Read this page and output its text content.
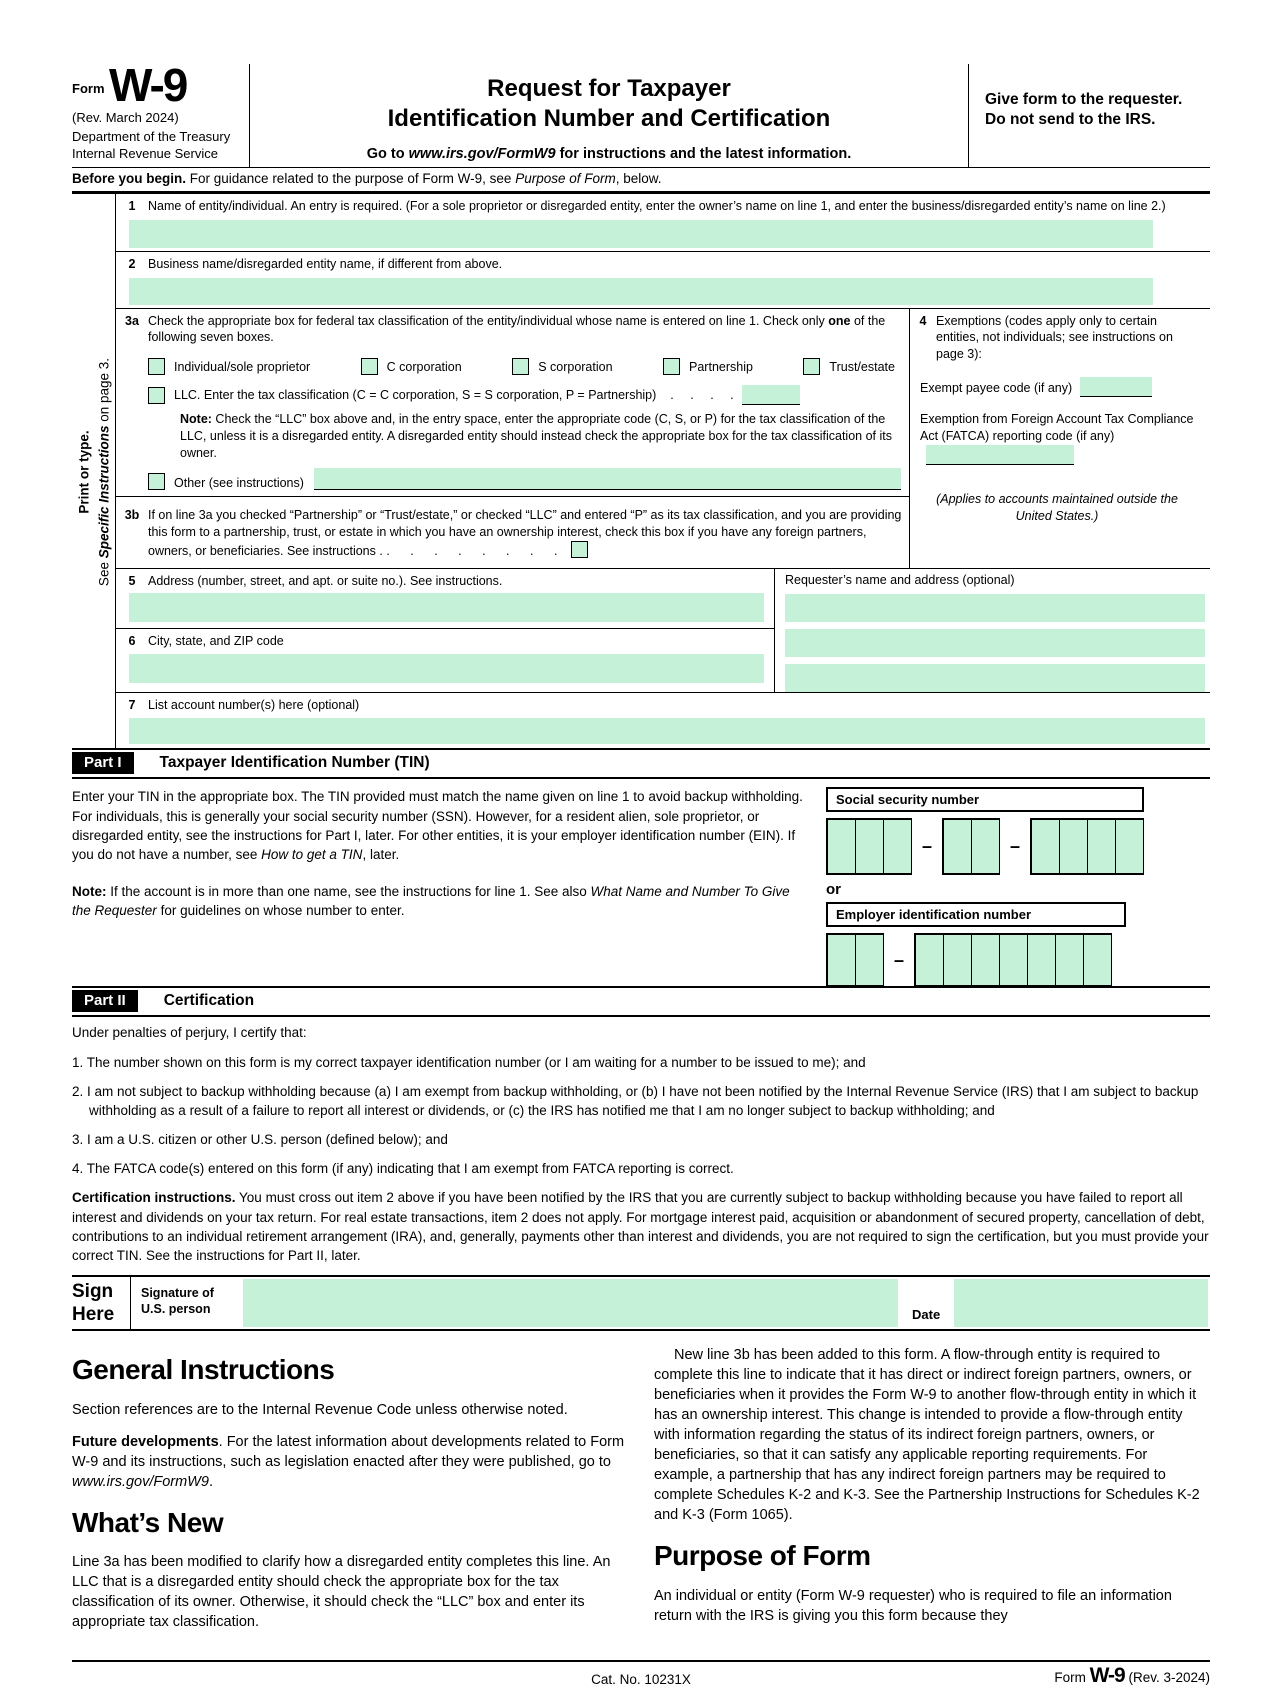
$^{Form}$ W-9
(Rev. March 2024)
Department of the Treasury
Internal Revenue Service
Request for Taxpayer
Identification Number and Certification
Go to www.irs.gov/FormW9 for instructions and the latest information.
Give form to the requester. Do not send to the IRS.
Before you begin. For guidance related to the purpose of Form W-9, see Purpose of Form, below.
Print or type.
See Specific Instructions on page 3.
1	Name of entity/individual. An entry is required. (For a sole proprietor or disregarded entity, enter the owner’s name on line 1, and enter the business/disregarded entity’s name on line 2.)
2	Business name/disregarded entity name, if different from above.
3a Check the appropriate box for federal tax classification of the entity/individual whose name is entered on line 1. Check only one of the following seven boxes.
Individual/sole proprietor	C corporation	S corporation	Partnership	Trust/estate
LLC. Enter the tax classification (C = C corporation, S = S corporation, P = Partnership) . . . .
Note: Check the “LLC” box above and, in the entry space, enter the appropriate code (C, S, or P) for the tax classification of the LLC, unless it is a disregarded entity. A disregarded entity should instead check the appropriate box for the tax classification of its owner.
Other (see instructions)
3b If on line 3a you checked “Partnership” or “Trust/estate,” or checked “LLC” and entered “P” as its tax classification, and you are providing this form to a partnership, trust, or estate in which you have an ownership interest, check this box if you have any foreign partners, owners, or beneficiaries. See instructions . . . . . . . . .
4 Exemptions (codes apply only to certain entities, not individuals; see instructions on page 3):
Exempt payee code (if any)
Exemption from Foreign Account Tax Compliance Act (FATCA) reporting code (if any)
(Applies to accounts maintained outside the United States.)
5	Address (number, street, and apt. or suite no.). See instructions.
6	City, state, and ZIP code
Requester’s name and address (optional)
7	List account number(s) here (optional)
Part I	Taxpayer Identification Number (TIN)

Enter your TIN in the appropriate box. The TIN provided must match the name given on line 1 to avoid backup withholding. For individuals, this is generally your social security number (SSN). However, for a resident alien, sole proprietor, or disregarded entity, see the instructions for Part I, later. For other entities, it is your employer identification number (EIN). If you do not have a number, see How to get a TIN, later.

Note: If the account is in more than one name, see the instructions for line 1. See also What Name and Number To Give the Requester for guidelines on whose number to enter.

Social security number
–	–
or
Employer identification number
–
Part II	Certification

Under penalties of perjury, I certify that:

1. The number shown on this form is my correct taxpayer identification number (or I am waiting for a number to be issued to me); and

2. I am not subject to backup withholding because (a) I am exempt from backup withholding, or (b) I have not been notified by the Internal Revenue Service (IRS) that I am subject to backup withholding as a result of a failure to report all interest or dividends, or (c) the IRS has notified me that I am no longer subject to backup withholding; and

3. I am a U.S. citizen or other U.S. person (defined below); and

4. The FATCA code(s) entered on this form (if any) indicating that I am exempt from FATCA reporting is correct.

Certification instructions. You must cross out item 2 above if you have been notified by the IRS that you are currently subject to backup withholding because you have failed to report all interest and dividends on your tax return. For real estate transactions, item 2 does not apply. For mortgage interest paid, acquisition or abandonment of secured property, cancellation of debt, contributions to an individual retirement arrangement (IRA), and, generally, payments other than interest and dividends, you are not required to sign the certification, but you must provide your correct TIN. See the instructions for Part II, later.

Sign
Here
Signature of
U.S. person	Date
General Instructions

Section references are to the Internal Revenue Code unless otherwise noted.

Future developments. For the latest information about developments related to Form W-9 and its instructions, such as legislation enacted after they were published, go to www.irs.gov/FormW9.

What’s New

Line 3a has been modified to clarify how a disregarded entity completes this line. An LLC that is a disregarded entity should check the appropriate box for the tax classification of its owner. Otherwise, it should check the “LLC” box and enter its appropriate tax classification.

New line 3b has been added to this form. A flow-through entity is required to complete this line to indicate that it has direct or indirect foreign partners, owners, or beneficiaries when it provides the Form W-9 to another flow-through entity in which it has an ownership interest. This change is intended to provide a flow-through entity with information regarding the status of its indirect foreign partners, owners, or beneficiaries, so that it can satisfy any applicable reporting requirements. For example, a partnership that has any indirect foreign partners may be required to complete Schedules K-2 and K-3. See the Partnership Instructions for Schedules K-2 and K-3 (Form 1065).

Purpose of Form

An individual or entity (Form W-9 requester) who is required to file an information return with the IRS is giving you this form because they

Cat. No. 10231X	Form W-9 (Rev. 3-2024)
